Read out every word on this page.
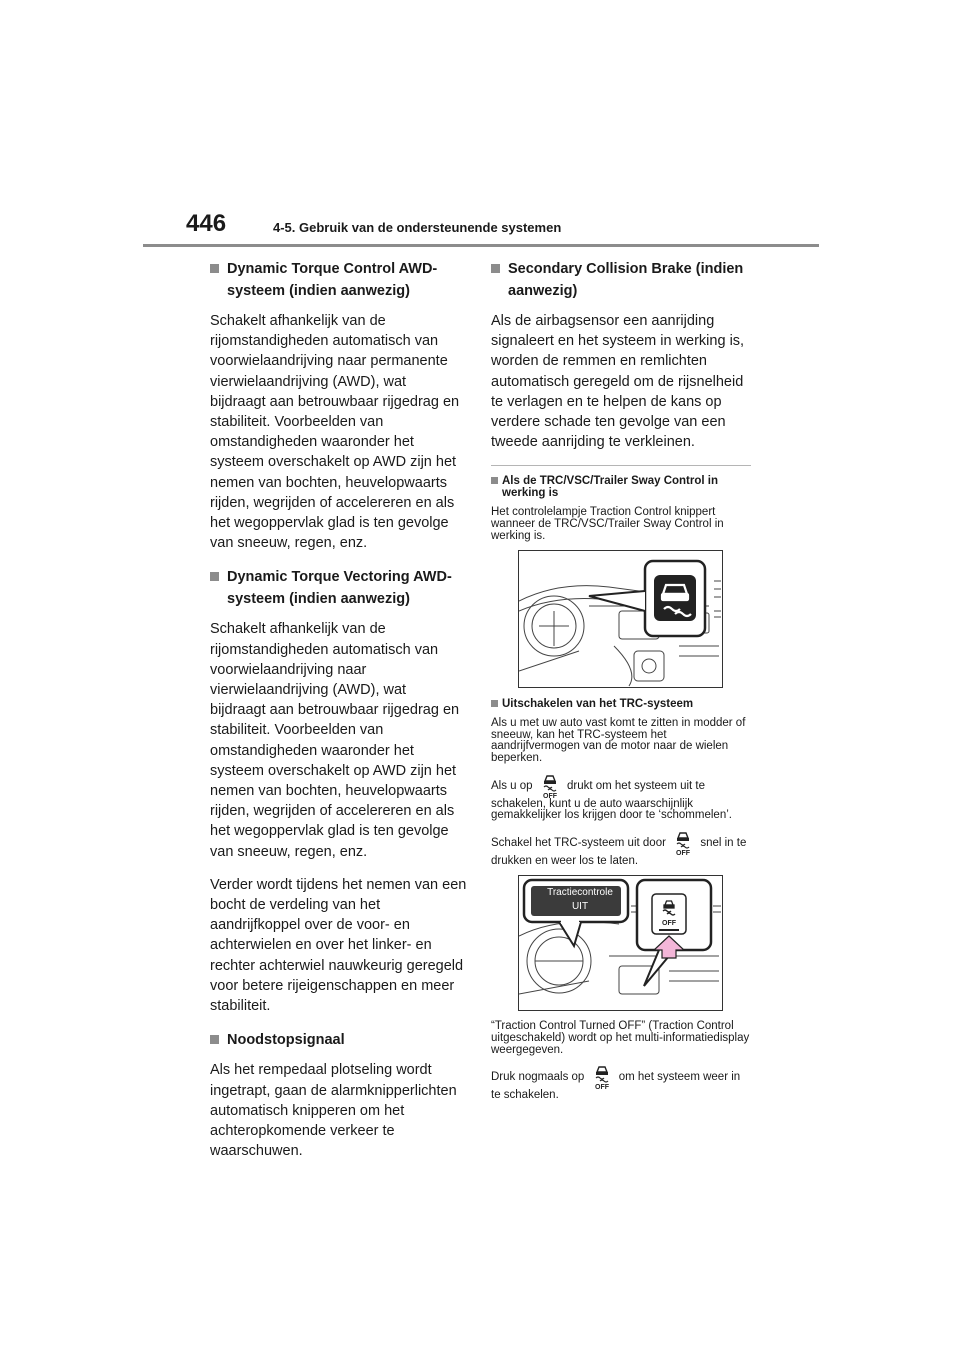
446	4-5. Gebruik van de ondersteunende systemen
Dynamic Torque Control AWD-systeem (indien aanwezig)

Schakelt afhankelijk van de rijomstandigheden automatisch van voorwielaandrijving naar permanente vierwielaandrijving (AWD), wat bijdraagt aan betrouwbaar rijgedrag en stabiliteit. Voorbeelden van omstandigheden waaronder het systeem overschakelt op AWD zijn het nemen van bochten, heuvelopwaarts rijden, wegrijden of accelereren en als het wegoppervlak glad is ten gevolge van sneeuw, regen, enz.

Dynamic Torque Vectoring AWD-systeem (indien aanwezig)

Schakelt afhankelijk van de rijomstandigheden automatisch van voorwielaandrijving naar vierwielaandrijving (AWD), wat bijdraagt aan betrouwbaar rijgedrag en stabiliteit. Voorbeelden van omstandigheden waaronder het systeem overschakelt op AWD zijn het nemen van bochten, heuvelopwaarts rijden, wegrijden of accelereren en als het wegoppervlak glad is ten gevolge van sneeuw, regen, enz.

Verder wordt tijdens het nemen van een bocht de verdeling van het aandrijfkoppel over de voor- en achterwielen en over het linker- en rechter achterwiel nauwkeurig geregeld voor betere rijeigenschappen en meer stabiliteit.

Noodstopsignaal

Als het rempedaal plotseling wordt ingetrapt, gaan de alarmknipperlichten automatisch knipperen om het achteropkomende verkeer te waarschuwen.

Secondary Collision Brake (indien aanwezig)

Als de airbagsensor een aanrijding signaleert en het systeem in werking is, worden de remmen en remlichten automatisch geregeld om de rijsnelheid te verlagen en te helpen de kans op verdere schade ten gevolge van een tweede aanrijding te verkleinen.

Als de TRC/VSC/Trailer Sway Control in werking is

Het controlelampje Traction Control knippert wanneer de TRC/VSC/Trailer Sway Control in werking is.

Uitschakelen van het TRC-systeem

Als u met uw auto vast komt te zitten in modder of sneeuw, kan het TRC-systeem het aandrijfvermogen van de motor naar de wielen beperken.

Als u op
OFF
drukt om het systeem uit te schakelen, kunt u de auto waarschijnlijk gemakkelijker los krijgen door te ‘schommelen’.

Schakel het TRC-systeem uit door
OFF
snel in te drukken en weer los te laten.

OFF
Tractiecontrole
UIT

“Traction Control Turned OFF” (Traction Control uitgeschakeld) wordt op het multi-informatiedisplay weergegeven.

Druk nogmaals op
OFF
om het systeem weer in te schakelen.
